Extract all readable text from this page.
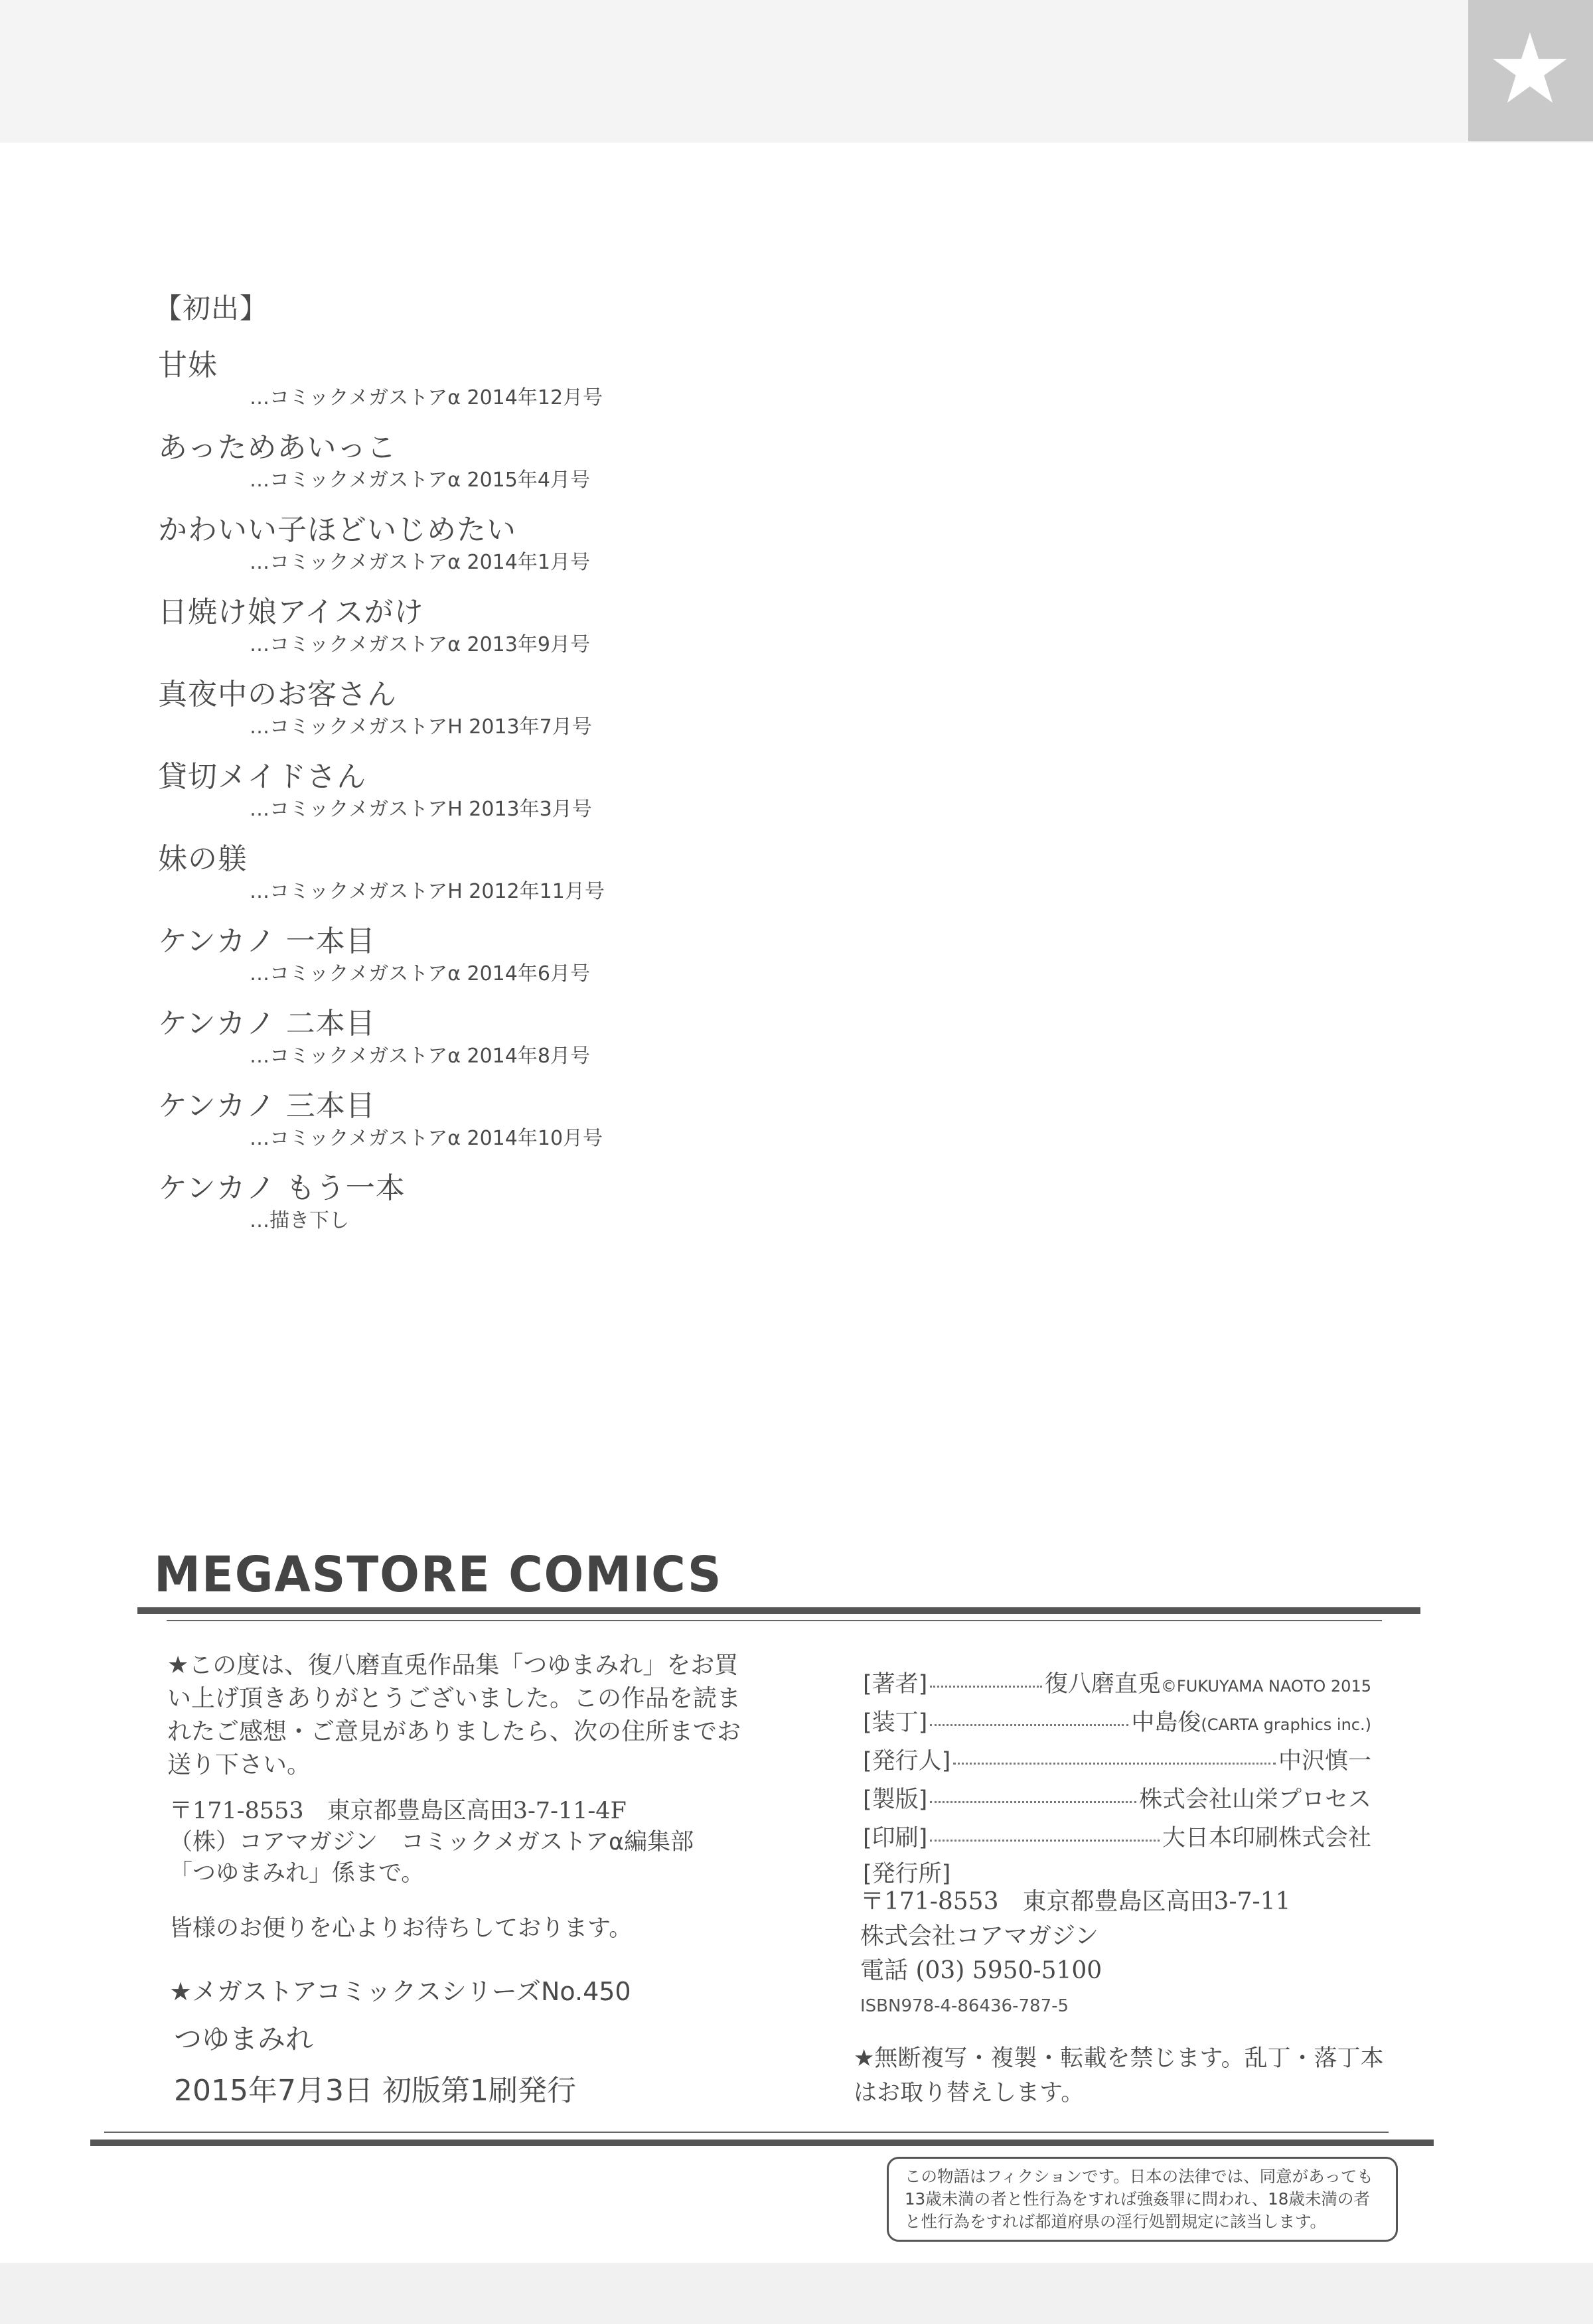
【初出】
甘妹
…コミックメガストアα 2014年12月号
あっためあいっこ
…コミックメガストアα 2015年4月号
かわいい子ほどいじめたい
…コミックメガストアα 2014年1月号
日焼け娘アイスがけ
…コミックメガストアα 2013年9月号
真夜中のお客さん
…コミックメガストアH 2013年7月号
貸切メイドさん
…コミックメガストアH 2013年3月号
妹の躾
…コミックメガストアH 2012年11月号
ケンカノ 一本目
…コミックメガストアα 2014年6月号
ケンカノ 二本目
…コミックメガストアα 2014年8月号
ケンカノ 三本目
…コミックメガストアα 2014年10月号
ケンカノ もう一本
…描き下し
MEGASTORE COMICS
★この度は、復八磨直兎作品集「つゆまみれ」をお買い上げ頂きありがとうございました。この作品を読まれたご感想・ご意見がありましたら、次の住所までお送り下さい。
〒171-8553　東京都豊島区高田3-7-11-4F
（株）コアマガジン　コミックメガストアα編集部
「つゆまみれ」係まで。
皆様のお便りを心よりお待ちしております。
★メガストアコミックスシリーズNo.450
つゆまみれ
2015年7月3日 初版第1刷発行
[著者]	復八磨直兎©FUKUYAMA NAOTO 2015
[装丁]	中島俊(CARTA graphics inc.)
[発行人]	中沢慎一
[製版]	株式会社山栄プロセス
[印刷]	大日本印刷株式会社
[発行所]
〒171-8553　東京都豊島区高田3-7-11
株式会社コアマガジン
電話 (03) 5950-5100
ISBN978-4-86436-787-5
★無断複写・複製・転載を禁じます。乱丁・落丁本はお取り替えします。
この物語はフィクションです。日本の法律では、同意があっても
13歳未満の者と性行為をすれば強姦罪に問われ、18歳未満の者
と性行為をすれば都道府県の淫行処罰規定に該当します。
